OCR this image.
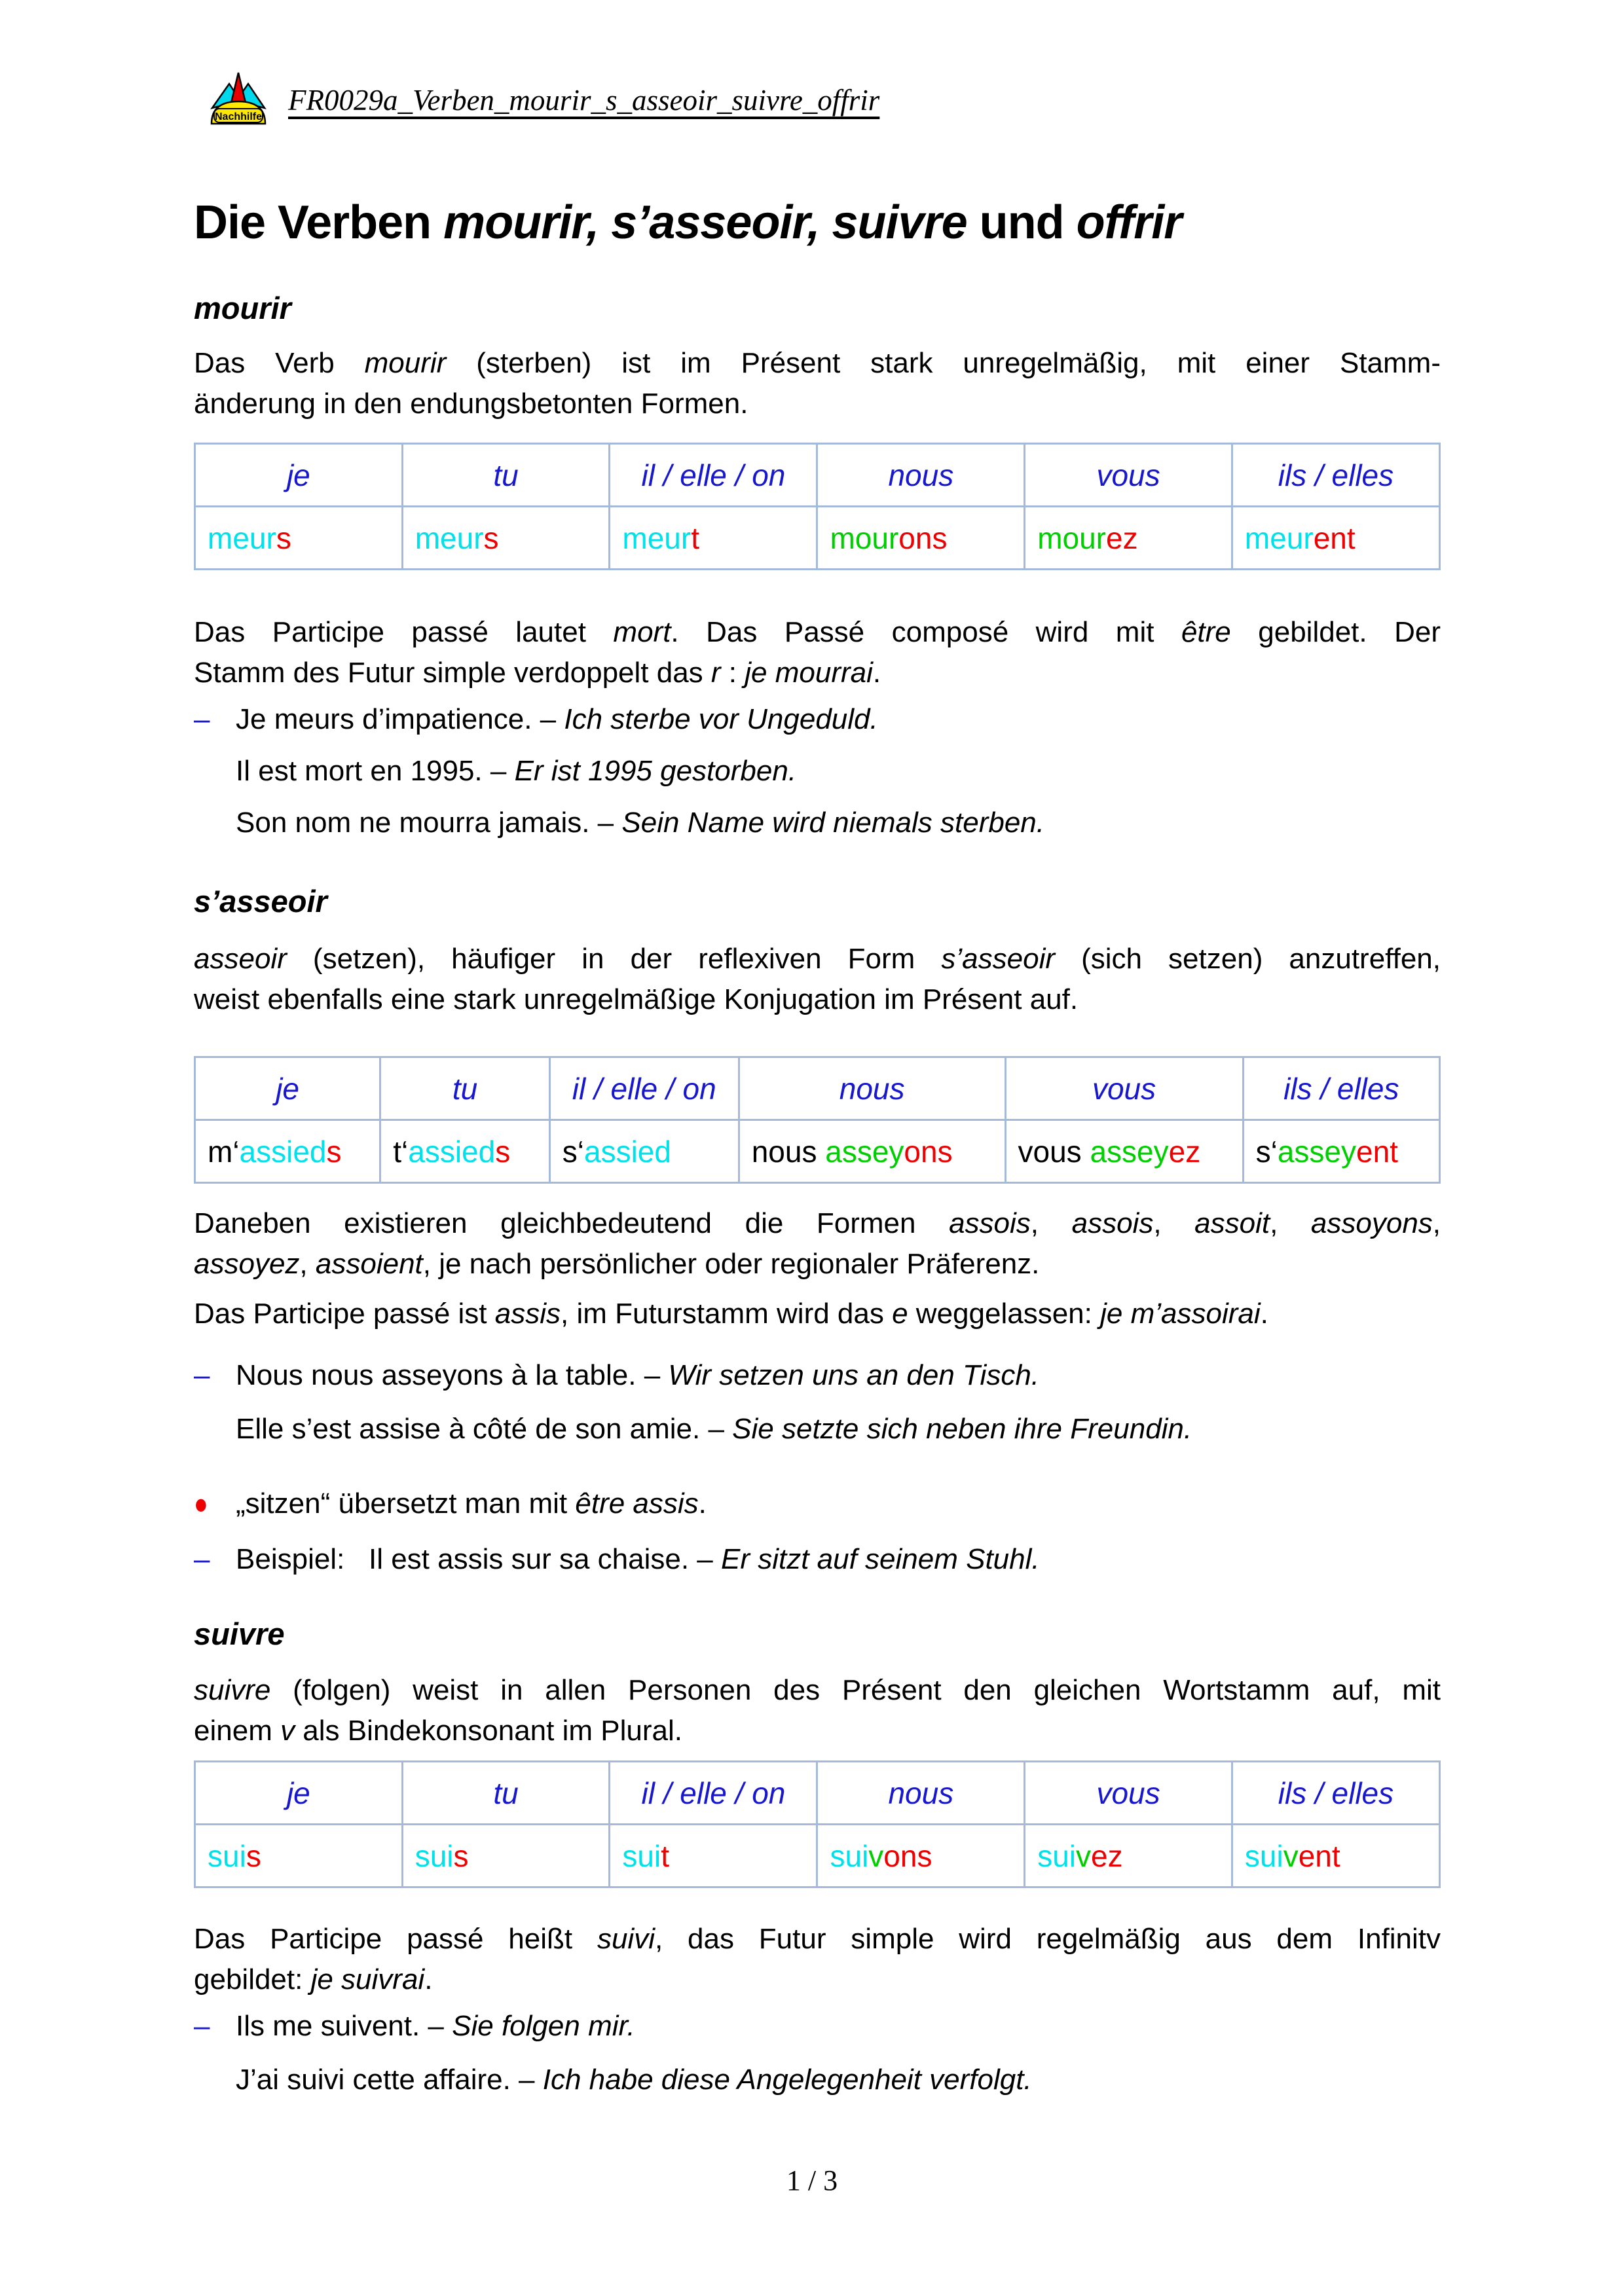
Nachhilfe
FR0029a_Verben_mourir_s_asseoir_suivre_offrir
Die Verben mourir, s’asseoir, suivre und offrir
mourir
Das Verb mourir (sterben) ist im Présent stark unregelmäßig, mit einer Stamm-
änderung in den endungsbetonten Formen.
je	tu	il / elle / on	nous	vous	ils / elles
meurs	meurs	meurt	mourons	mourez	meurent
Das Participe passé lautet mort. Das Passé composé wird mit être gebildet. Der
Stamm des Futur simple verdoppelt das r : je mourrai.
– Je meurs d’impatience. – Ich sterbe vor Ungeduld.
Il est mort en 1995. – Er ist 1995 gestorben.
Son nom ne mourra jamais. – Sein Name wird niemals sterben.
s’asseoir
asseoir (setzen), häufiger in der reflexiven Form s’asseoir (sich setzen) anzutreffen,
weist ebenfalls eine stark unregelmäßige Konjugation im Présent auf.
je	tu	il / elle / on	nous	vous	ils / elles
m‘assieds	t‘assieds	s‘assied	nous asseyons	vous asseyez	s‘asseyent
Daneben existieren gleichbedeutend die Formen assois, assois, assoit, assoyons,
assoyez, assoient, je nach persönlicher oder regionaler Präferenz.
Das Participe passé ist assis, im Futurstamm wird das e weggelassen: je m’assoirai.
– Nous nous asseyons à la table. – Wir setzen uns an den Tisch.
Elle s’est assise à côté de son amie. – Sie setzte sich neben ihre Freundin.
● „sitzen“ übersetzt man mit être assis.
– Beispiel:   Il est assis sur sa chaise. – Er sitzt auf seinem Stuhl.
suivre
suivre (folgen) weist in allen Personen des Présent den gleichen Wortstamm auf, mit
einem v als Bindekonsonant im Plural.
je	tu	il / elle / on	nous	vous	ils / elles
suis	suis	suit	suivons	suivez	suivent
Das Participe passé heißt suivi, das Futur simple wird regelmäßig aus dem Infinitv
gebildet: je suivrai.
– Ils me suivent. – Sie folgen mir.
J’ai suivi cette affaire. – Ich habe diese Angelegenheit verfolgt.
1 / 3
